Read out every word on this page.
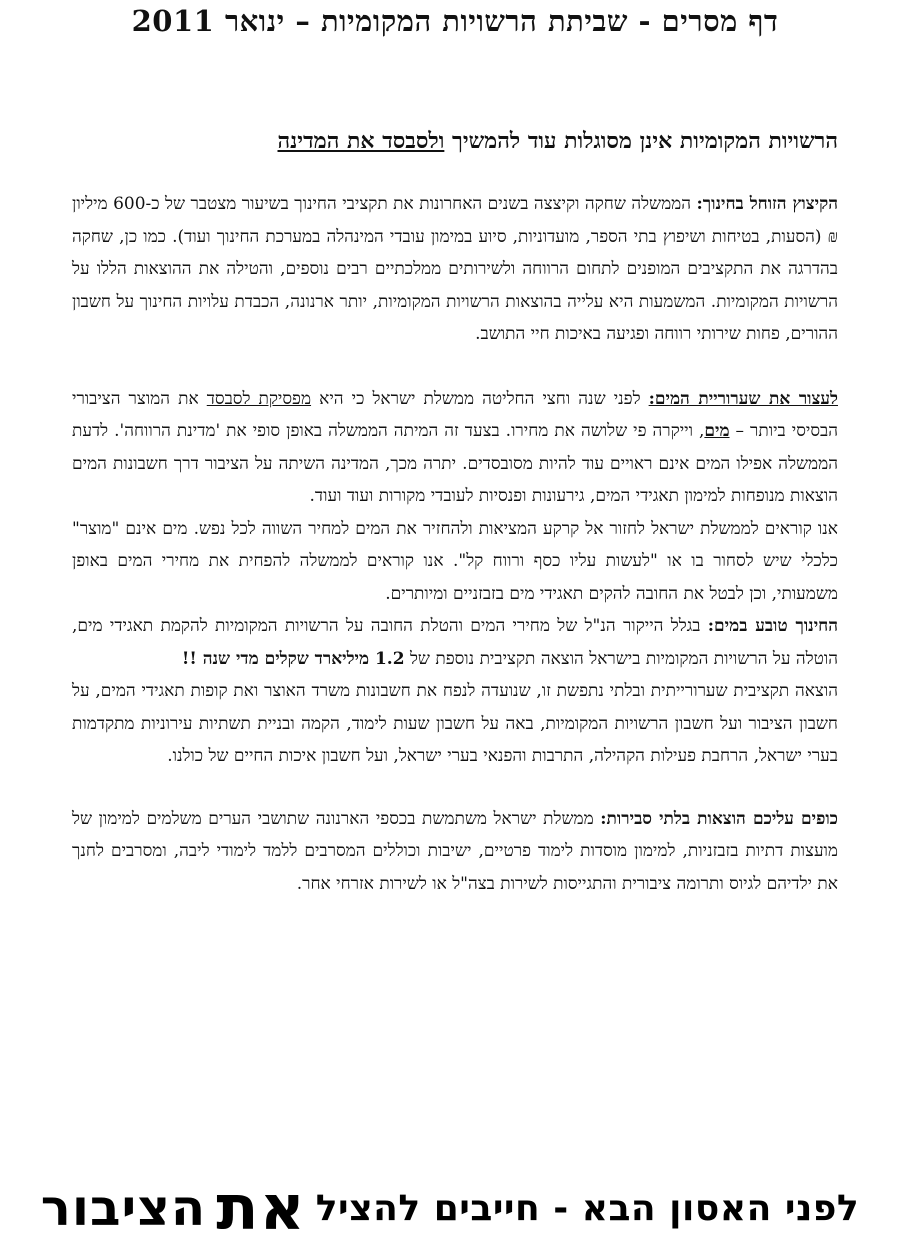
דף מסרים - שביתת הרשויות המקומיות – ינואר 2011

הרשויות המקומיות אינן מסוגלות עוד להמשיך ולסבסד את המדינה

הקיצוץ הזוחל בחינוך: הממשלה שחקה וקיצצה בשנים האחרונות את תקציבי החינוך בשיעור מצטבר של כ-600 מיליון ₪ (הסעות, בטיחות ושיפוץ בתי הספר, מועדוניות, סיוע במימון עובדי המינהלה במערכת החינוך ועוד). כמו כן, שחקה בהדרגה את התקציבים המופנים לתחום הרווחה ולשירותים ממלכתיים רבים נוספים, והטילה את ההוצאות הללו על הרשויות המקומיות. המשמעות היא עלייה בהוצאות הרשויות המקומיות, יותר ארנונה, הכבדת עלויות החינוך על חשבון ההורים, פחות שירותי רווחה ופגיעה באיכות חיי התושב.

לעצור את שערוריית המים: לפני שנה וחצי החליטה ממשלת ישראל כי היא מפסיקת לסבסד את המוצר הציבורי הבסיסי ביותר – מים, וייקרה פי שלושה את מחירו. בצעד זה המיתה הממשלה באופן סופי את 'מדינת הרווחה'. לדעת הממשלה אפילו המים אינם ראויים עוד להיות מסובסדים. יתרה מכך, המדינה השיתה על הציבור דרך חשבונות המים הוצאות מנופחות למימון תאגידי המים, גירעונות ופנסיות לעובדי מקורות ועוד ועוד.
אנו קוראים לממשלת ישראל לחזור אל קרקע המציאות ולהחזיר את המים למחיר השווה לכל נפש. מים אינם "מוצר" כלכלי שיש לסחור בו או "לעשות עליו כסף ורווח קל". אנו קוראים לממשלה להפחית את מחירי המים באופן משמעותי, וכן לבטל את החובה להקים תאגידי מים בזבזניים ומיותרים.

החינוך טובע במים: בגלל הייקור הנ"ל של מחירי המים והטלת החובה על הרשויות המקומיות להקמת תאגידי מים, הוטלה על הרשויות המקומיות בישראל הוצאה תקציבית נוספת של 1.2 מיליארד שקלים מדי שנה !!
הוצאה תקציבית שערורייתית ובלתי נתפשת זו, שנועדה לנפח את חשבונות משרד האוצר ואת קופות תאגידי המים, על חשבון הציבור ועל חשבון הרשויות המקומיות, באה על חשבון שעות לימוד, הקמה ובניית תשתיות עירוניות מתקדמות בערי ישראל, הרחבת פעילות הקהילה, התרבות והפנאי בערי ישראל, ועל חשבון איכות החיים של כולנו.

כופים עליכם הוצאות בלתי סבירות: ממשלת ישראל משתמשת בכספי הארנונה שתושבי הערים משלמים למימון של מועצות דתיות בזבזניות, למימון מוסדות לימוד פרטיים, ישיבות וכוללים המסרבים ללמד לימודי ליבה, ומסרבים לחנך את ילדיהם לגיוס ותרומה ציבורית והתגייסות לשירות בצה"ל או לשירות אזרחי אחר.

לפני האסון הבא - חייבים להציל
את
הציבור
